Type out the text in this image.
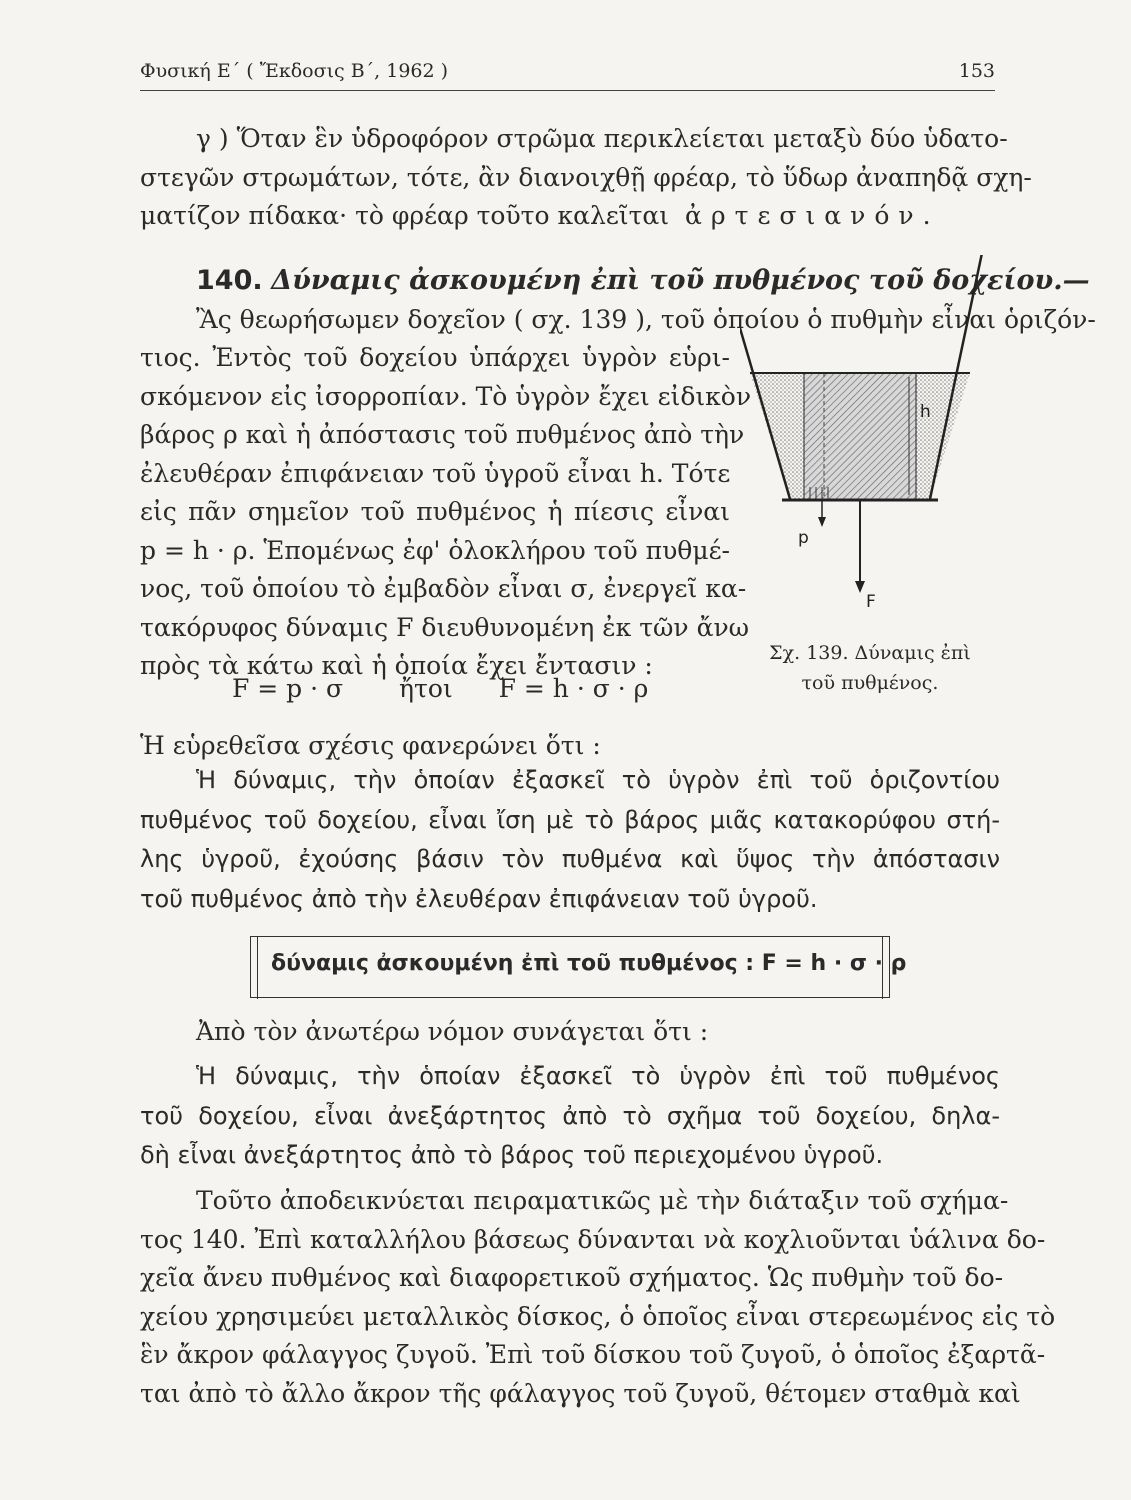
Φυσική Ε΄ ( Ἔκδοσις Β΄, 1962 )	153
γ ) Ὅταν ἓν ὑδροφόρον στρῶμα περικλείεται μεταξὺ δύο ὑδατο-
στεγῶν στρωμάτων, τότε, ἂν διανοιχθῇ φρέαρ, τὸ ὕδωρ ἀναπηδᾷ σχη-
ματίζον πίδακα· τὸ φρέαρ τοῦτο καλεῖται ἀρτεσιανόν.
140. Δύναμις ἀσκουμένη ἐπὶ τοῦ πυθμένος τοῦ δοχείου.—
Ἂς θεωρήσωμεν δοχεῖον ( σχ. 139 ), τοῦ ὁποίου ὁ πυθμὴν εἶναι ὁριζόν-
τιος. Ἐντὸς τοῦ δοχείου ὑπάρχει ὑγρὸν εὑρι-
σκόμενον εἰς ἰσορροπίαν. Τὸ ὑγρὸν ἔχει εἰδικὸν
βάρος ρ καὶ ἡ ἀπόστασις τοῦ πυθμένος ἀπὸ τὴν
ἐλευθέραν ἐπιφάνειαν τοῦ ὑγροῦ εἶναι h. Τότε
εἰς πᾶν σημεῖον τοῦ πυθμένος ἡ πίεσις εἶναι
p = h · ρ. Ἑπομένως ἐφ' ὁλοκλήρου τοῦ πυθμέ-
νος, τοῦ ὁποίου τὸ ἐμβαδὸν εἶναι σ, ἐνεργεῖ κα-
τακόρυφος δύναμις F διευθυνομένη ἐκ τῶν ἄνω
πρὸς τὰ κάτω καὶ ἡ ὁποία ἔχει ἔντασιν :
F = p · σ ἤτοι F = h · σ · ρ
Ἡ εὑρεθεῖσα σχέσις φανερώνει ὅτι :
h
p
F
Σχ. 139. Δύναμις ἐπὶ
τοῦ πυθμένος.
Ἡ δύναμις, τὴν ὁποίαν ἐξασκεῖ τὸ ὑγρὸν ἐπὶ τοῦ ὁριζοντίου
πυθμένος τοῦ δοχείου, εἶναι ἴση μὲ τὸ βάρος μιᾶς κατακορύφου στή-
λης ὑγροῦ, ἐχούσης βάσιν τὸν πυθμένα καὶ ὕψος τὴν ἀπόστασιν
τοῦ πυθμένος ἀπὸ τὴν ἐλευθέραν ἐπιφάνειαν τοῦ ὑγροῦ.
δύναμις ἀσκουμένη ἐπὶ τοῦ πυθμένος : F = h · σ · ρ
Ἀπὸ τὸν ἀνωτέρω νόμον συνάγεται ὅτι :
Ἡ δύναμις, τὴν ὁποίαν ἐξασκεῖ τὸ ὑγρὸν ἐπὶ τοῦ πυθμένος
τοῦ δοχείου, εἶναι ἀνεξάρτητος ἀπὸ τὸ σχῆμα τοῦ δοχείου, δηλα-
δὴ εἶναι ἀνεξάρτητος ἀπὸ τὸ βάρος τοῦ περιεχομένου ὑγροῦ.
Τοῦτο ἀποδεικνύεται πειραματικῶς μὲ τὴν διάταξιν τοῦ σχήμα-
τος 140. Ἐπὶ καταλλήλου βάσεως δύνανται νὰ κοχλιοῦνται ὑάλινα δο-
χεῖα ἄνευ πυθμένος καὶ διαφορετικοῦ σχήματος. Ὡς πυθμὴν τοῦ δο-
χείου χρησιμεύει μεταλλικὸς δίσκος, ὁ ὁποῖος εἶναι στερεωμένος εἰς τὸ
ἓν ἄκρον φάλαγγος ζυγοῦ. Ἐπὶ τοῦ δίσκου τοῦ ζυγοῦ, ὁ ὁποῖος ἐξαρτᾶ-
ται ἀπὸ τὸ ἄλλο ἄκρον τῆς φάλαγγος τοῦ ζυγοῦ, θέτομεν σταθμὰ καὶ
